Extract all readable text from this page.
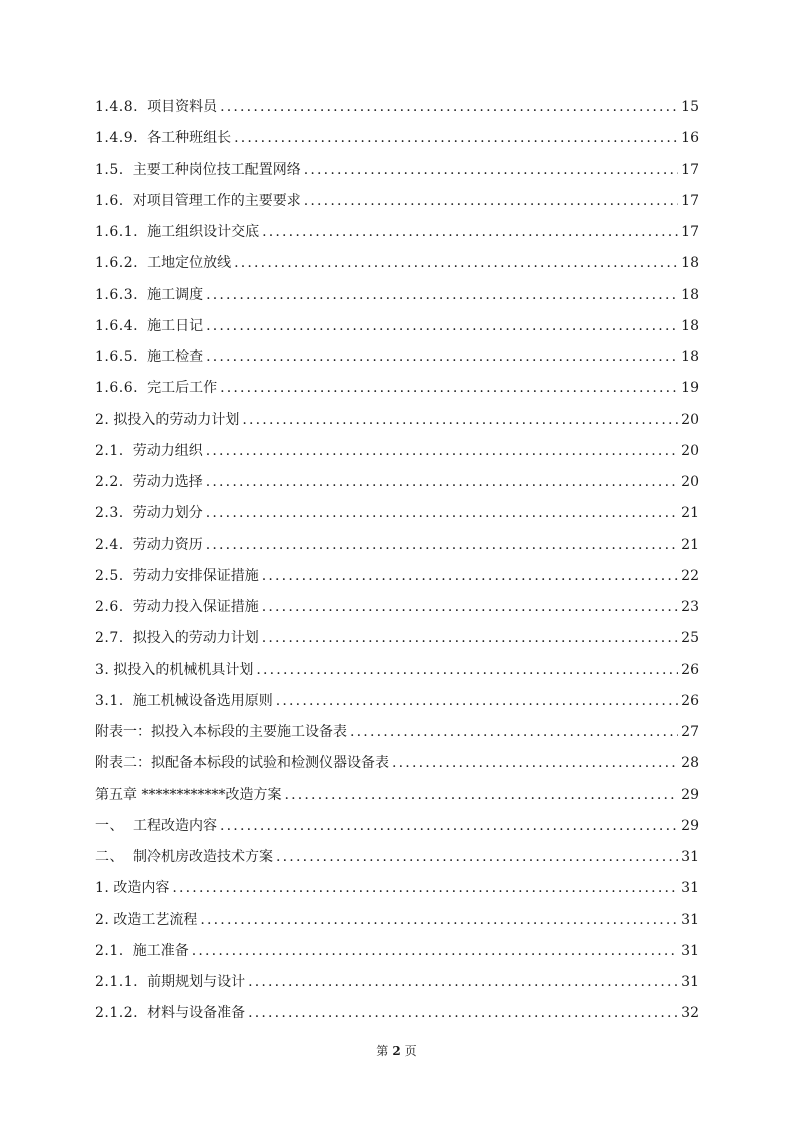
1.4.8. 项目资料员 .....	15
1.4.9. 各工种班组长 .....	16
1.5. 主要工种岗位技工配置网络 .....	17
1.6. 对项目管理工作的主要要求 .....	17
1.6.1. 施工组织设计交底 .....	17
1.6.2. 工地定位放线 .....	18
1.6.3. 施工调度 .....	18
1.6.4. 施工日记 .....	18
1.6.5. 施工检查 .....	18
1.6.6. 完工后工作 .....	19
2. 拟投入的劳动力计划 .....	20
2.1. 劳动力组织 .....	20
2.2. 劳动力选择 .....	20
2.3. 劳动力划分 .....	21
2.4. 劳动力资历 .....	21
2.5. 劳动力安排保证措施 .....	22
2.6. 劳动力投入保证措施 .....	23
2.7. 拟投入的劳动力计划 .....	25
3. 拟投入的机械机具计划 .....	26
3.1. 施工机械设备选用原则 .....	26
附表一：拟投入本标段的主要施工设备表 .....	27
附表二：拟配备本标段的试验和检测仪器设备表 .....	28
第五章 ************改造方案 .....	29
一、 工程改造内容 .....	29
二、 制冷机房改造技术方案 .....	31
1. 改造内容 .....	31
2. 改造工艺流程 .....	31
2.1. 施工准备 .....	31
2.1.1. 前期规划与设计 .....	31
2.1.2. 材料与设备准备 .....	32
第 2 页
